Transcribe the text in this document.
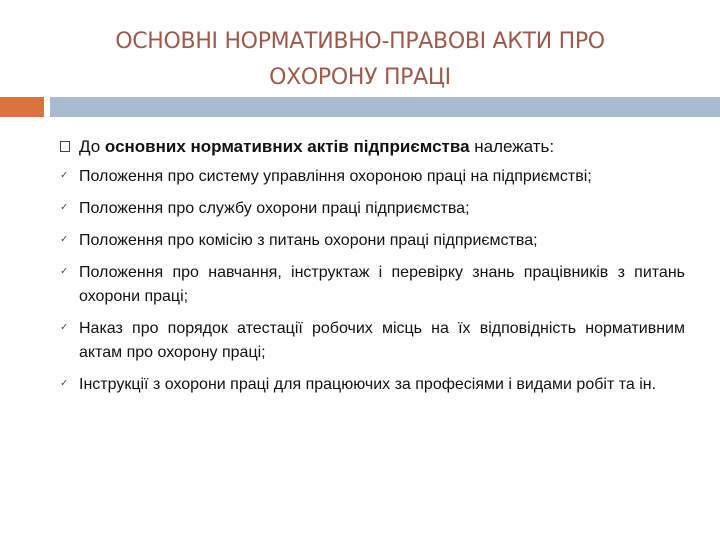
ОСНОВНІ НОРМАТИВНО-ПРАВОВІ АКТИ ПРО
ОХОРОНУ ПРАЦІ
До основних нормативних актів підприємства належать:
✓ Положення про систему управління охороною праці на підприємстві;
✓ Положення про службу охорони праці підприємства;
✓ Положення про комісію з питань охорони праці підприємства;
✓ Положення про навчання, інструктаж і перевірку знань працівників з питань охорони праці;
✓ Наказ про порядок атестації робочих місць на їх відповідність нормативним актам про охорону праці;
✓ Інструкції з охорони праці для працюючих за професіями і видами робіт та ін.
